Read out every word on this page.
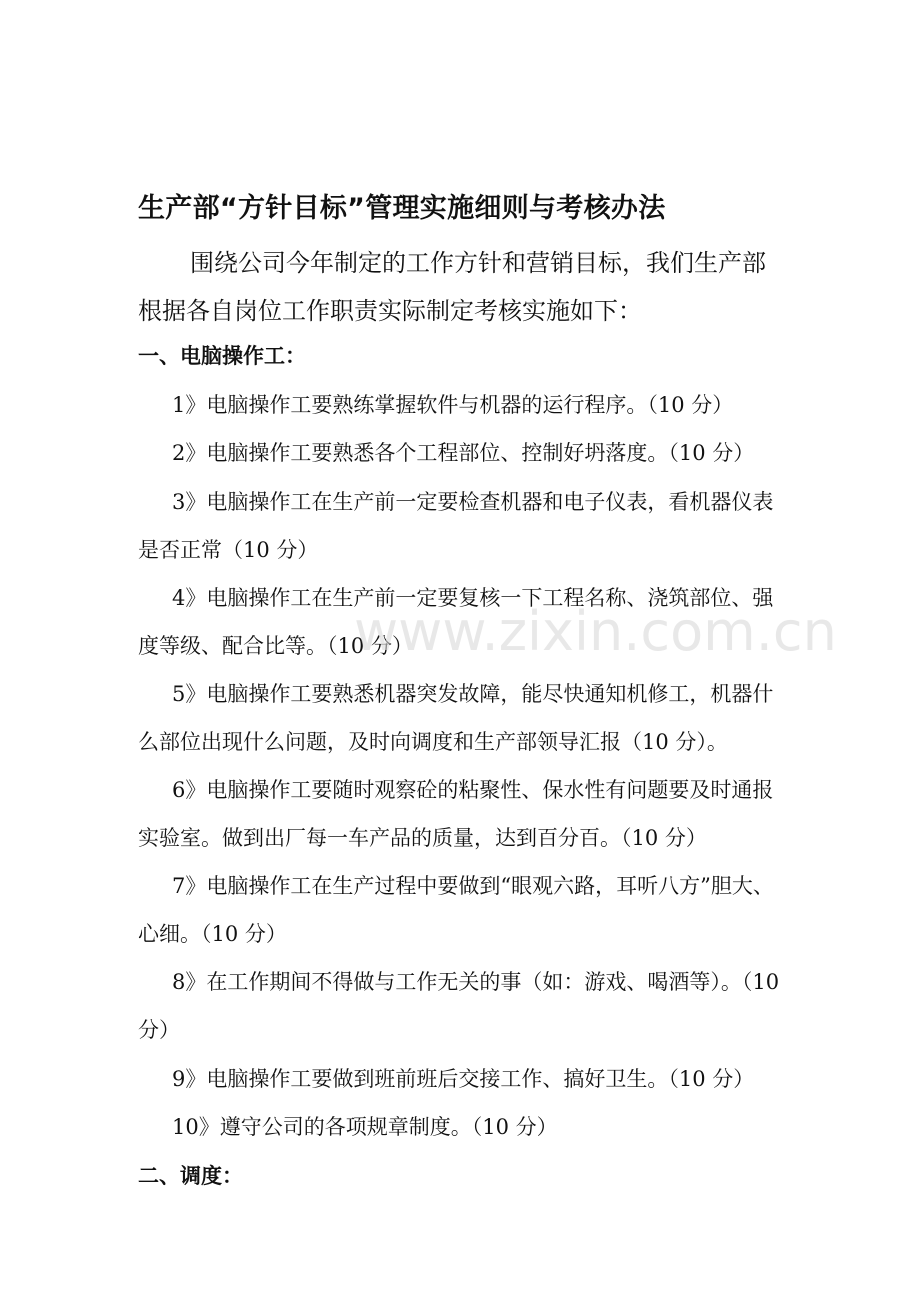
生产部“方针目标”管理实施细则与考核办法
围绕公司今年制定的工作方针和营销目标，我们生产部
根据各自岗位工作职责实际制定考核实施如下：
一、电脑操作工：
1》电脑操作工要熟练掌握软件与机器的运行程序。（10 分）
2》电脑操作工要熟悉各个工程部位、控制好坍落度。（10 分）
3》电脑操作工在生产前一定要检查机器和电子仪表，看机器仪表
是否正常（10 分）
4》电脑操作工在生产前一定要复核一下工程名称、浇筑部位、强
度等级、配合比等。（10 分）
5》电脑操作工要熟悉机器突发故障，能尽快通知机修工，机器什
么部位出现什么问题，及时向调度和生产部领导汇报（10 分）。
6》电脑操作工要随时观察砼的粘聚性、保水性有问题要及时通报
实验室。做到出厂每一车产品的质量，达到百分百。（10 分）
7》电脑操作工在生产过程中要做到“眼观六路，耳听八方”胆大、
心细。（10 分）
8》在工作期间不得做与工作无关的事（如：游戏、喝酒等）。（10
分）
9》电脑操作工要做到班前班后交接工作、搞好卫生。（10 分）
10》遵守公司的各项规章制度。（10 分）
二、调度：
www.zixin.com.cn
